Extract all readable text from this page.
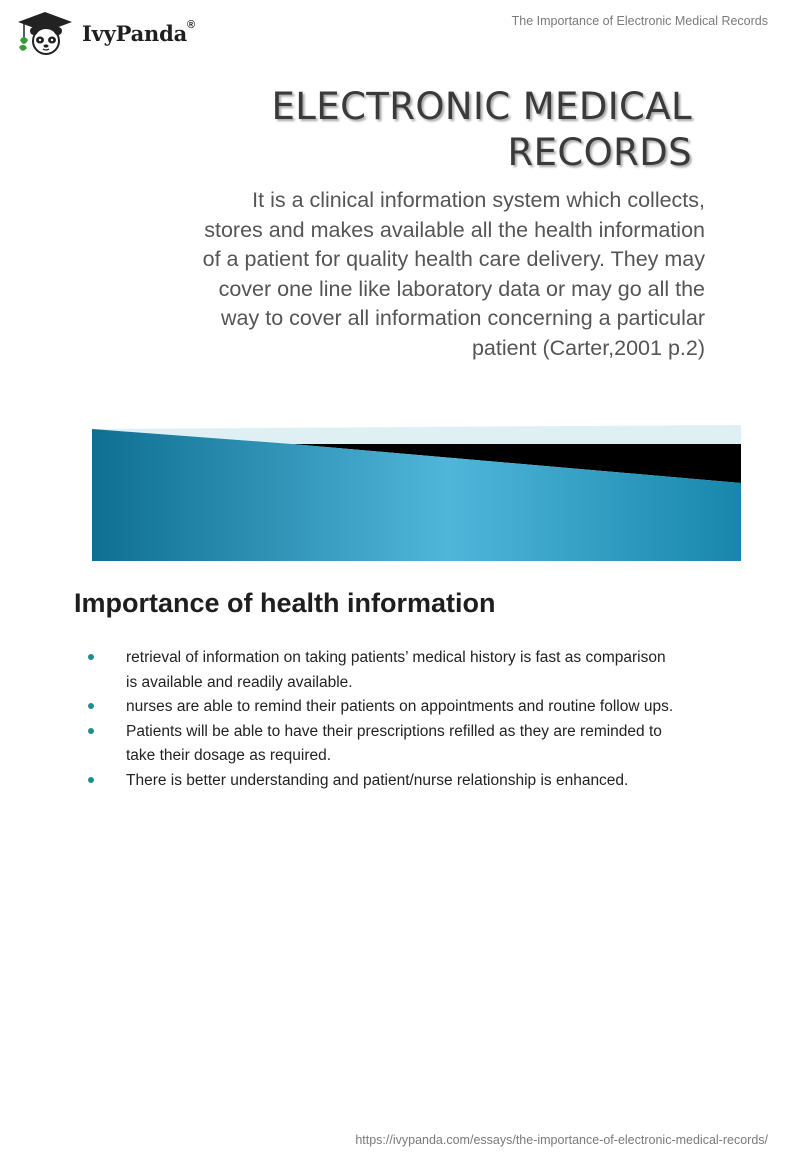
IvyPanda®	The Importance of Electronic Medical Records
ELECTRONIC MEDICAL
RECORDS
It is a clinical information system which collects,
stores and makes available all the health information
of a patient for quality health care delivery. They may
cover one line like laboratory data or may go all the
way to cover all information concerning a particular
patient (Carter,2001 p.2)
Importance of health information
retrieval of information on taking patients’ medical history is fast as comparison
is available and readily available.
nurses are able to remind their patients on appointments and routine follow ups.
Patients will be able to have their prescriptions refilled as they are reminded to
take their dosage as required.
There is better understanding and patient/nurse relationship is enhanced.
https://ivypanda.com/essays/the-importance-of-electronic-medical-records/
